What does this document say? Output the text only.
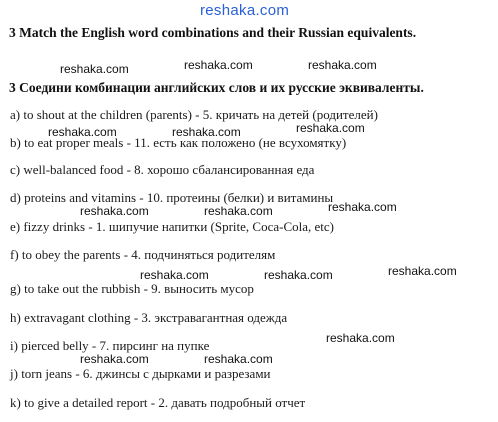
reshaka.com
3 Match the English word combinations and their Russian equivalents.
reshaka.com	reshaka.com	reshaka.com
3 Соедини комбинации английских слов и их русские эквиваленты.
a) to shout at the children (parents) - 5. кричать на детей (родителей)
reshaka.com	reshaka.com	reshaka.com
b) to eat proper meals - 11. есть как положено (не всухомятку)
c) well-balanced food - 8. хорошо сбалансированная еда
d) proteins and vitamins - 10. протеины (белки) и витамины
reshaka.com	reshaka.com	reshaka.com
e) fizzy drinks - 1. шипучие напитки (Sprite, Coca-Cola, etc)
f) to obey the parents - 4. подчиняться родителям
reshaka.com	reshaka.com	reshaka.com
g) to take out the rubbish - 9. выносить мусор
h) extravagant clothing - 3. экстравагантная одежда
reshaka.com
i) pierced belly - 7. пирсинг на пупке
reshaka.com	reshaka.com
j) torn jeans - 6. джинсы с дырками и разрезами
k) to give a detailed report - 2. давать подробный отчет
